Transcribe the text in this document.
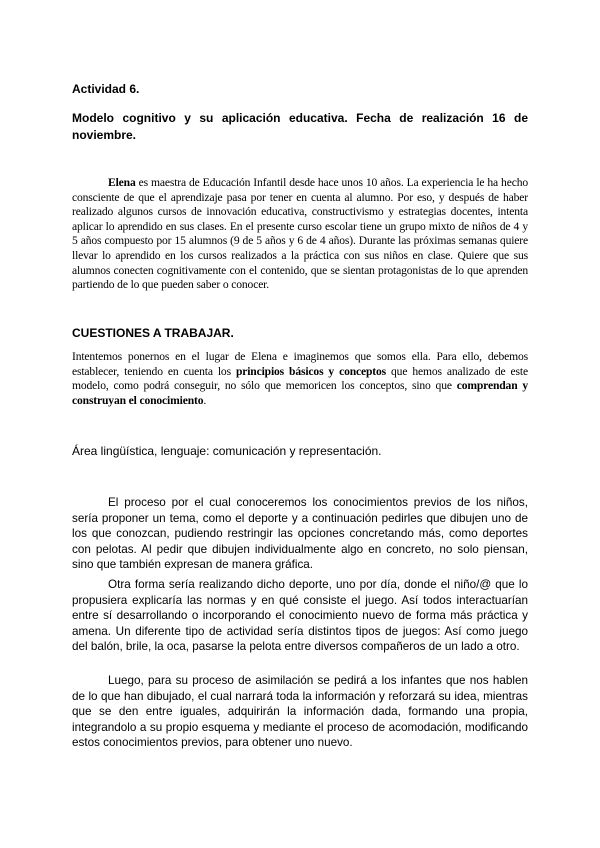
Actividad 6.

Modelo cognitivo y su aplicación educativa. Fecha de realización 16 de noviembre.

Elena es maestra de Educación Infantil desde hace unos 10 años. La experiencia le ha hecho consciente de que el aprendizaje pasa por tener en cuenta al alumno. Por eso, y después de haber realizado algunos cursos de innovación educativa, constructivismo y estrategias docentes, intenta aplicar lo aprendido en sus clases. En el presente curso escolar tiene un grupo mixto de niños de 4 y 5 años compuesto por 15 alumnos (9 de 5 años y 6 de 4 años). Durante las próximas semanas quiere llevar lo aprendido en los cursos realizados a la práctica con sus niños en clase. Quiere que sus alumnos conecten cognitivamente con el contenido, que se sientan protagonistas de lo que aprenden partiendo de lo que pueden saber o conocer.

CUESTIONES A TRABAJAR.

Intentemos ponernos en el lugar de Elena e imaginemos que somos ella. Para ello, debemos establecer, teniendo en cuenta los principios básicos y conceptos que hemos analizado de este modelo, como podrá conseguir, no sólo que memoricen los conceptos, sino que comprendan y construyan el conocimiento.

Área lingüística, lenguaje: comunicación y representación.

El proceso por el cual conoceremos los conocimientos previos de los niños, sería proponer un tema, como el deporte y a continuación pedirles que dibujen uno de los que conozcan, pudiendo restringir las opciones concretando más, como deportes con pelotas. Al pedir que dibujen individualmente algo en concreto, no solo piensan, sino que también expresan de manera gráfica.

Otra forma sería realizando dicho deporte, uno por día, donde el niño/@ que lo propusiera explicaría las normas y en qué consiste el juego. Así todos interactuarían entre sí desarrollando o incorporando el conocimiento nuevo de forma más práctica y amena. Un diferente tipo de actividad sería distintos tipos de juegos: Así como juego del balón, brile, la oca, pasarse la pelota entre diversos compañeros de un lado a otro.

Luego, para su proceso de asimilación se pedirá a los infantes que nos hablen de lo que han dibujado, el cual narrará toda la información y reforzará su idea, mientras que se den entre iguales, adquirirán la información dada, formando una propia, integrandolo a su propio esquema y mediante el proceso de acomodación, modificando estos conocimientos previos, para obtener uno nuevo.
